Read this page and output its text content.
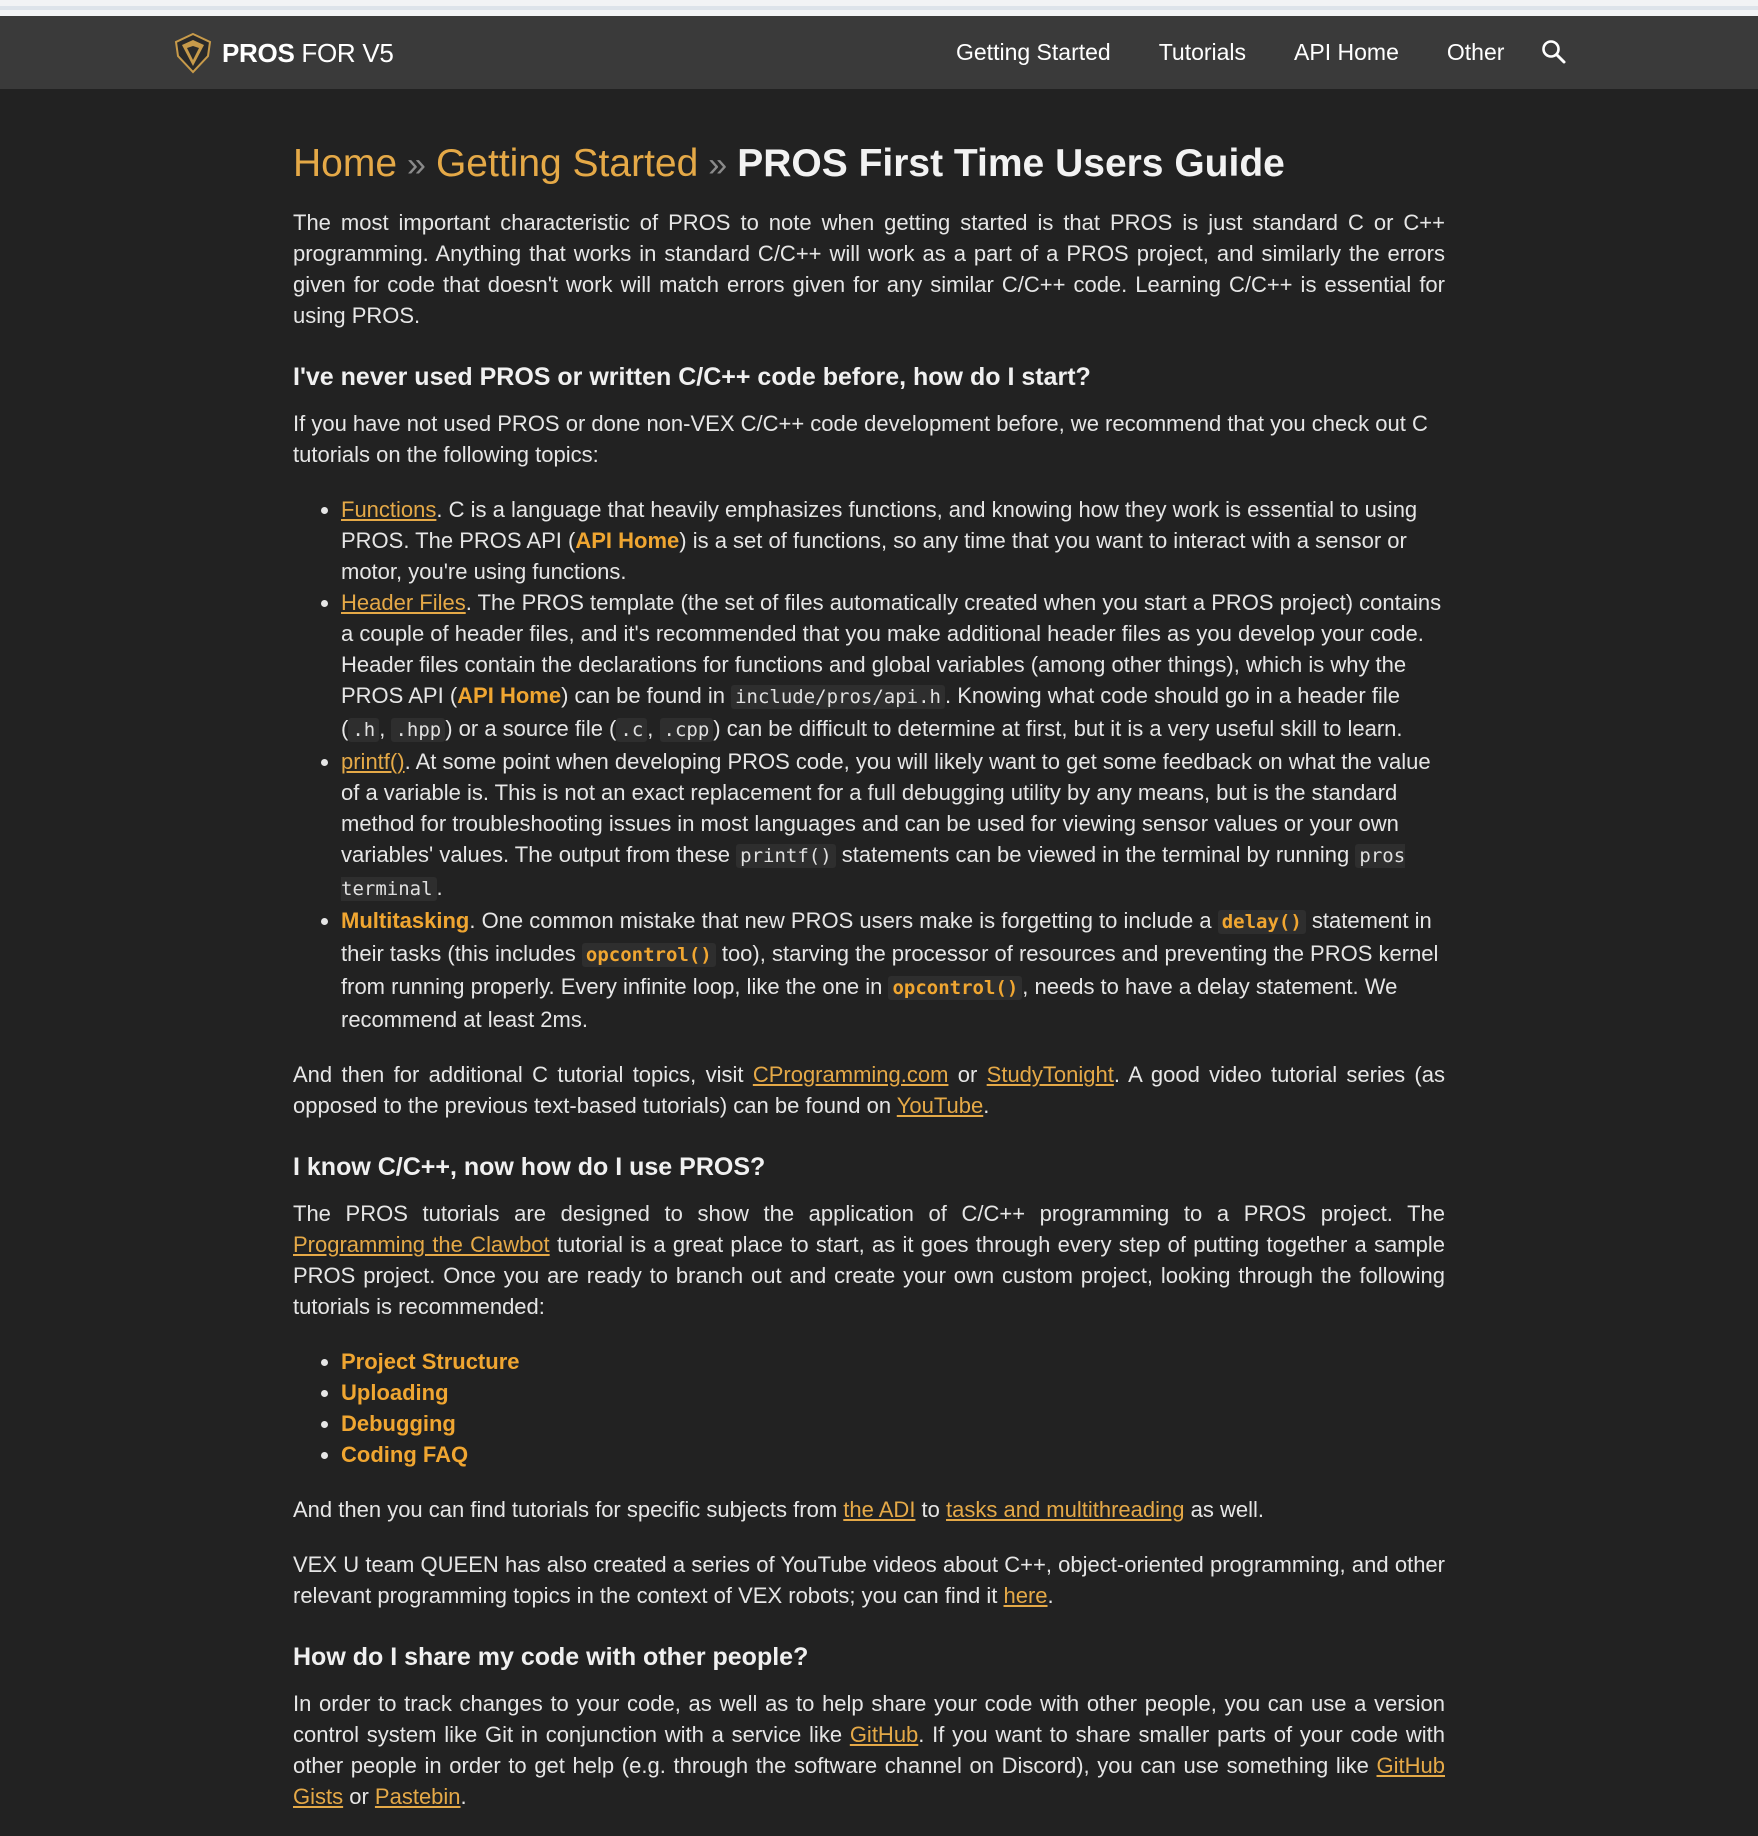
PROS FOR V5	Getting Started Tutorials API Home Other
Home » Getting Started » PROS First Time Users Guide

The most important characteristic of PROS to note when getting started is that PROS is just standard C or C++ programming. Anything that works in standard C/C++ will work as a part of a PROS project, and similarly the errors given for code that doesn't work will match errors given for any similar C/C++ code. Learning C/C++ is essential for using PROS.

I've never used PROS or written C/C++ code before, how do I start?

If you have not used PROS or done non-VEX C/C++ code development before, we recommend that you check out C tutorials on the following topics:

• Functions. C is a language that heavily emphasizes functions, and knowing how they work is essential to using PROS. The PROS API (API Home) is a set of functions, so any time that you want to interact with a sensor or motor, you're using functions.
• Header Files. The PROS template (the set of files automatically created when you start a PROS project) contains a couple of header files, and it's recommended that you make additional header files as you develop your code. Header files contain the declarations for functions and global variables (among other things), which is why the PROS API (API Home) can be found in include/pros/api.h . Knowing what code should go in a header file ( .h , .hpp ) or a source file ( .c , .cpp ) can be difficult to determine at first, but it is a very useful skill to learn.
• printf(). At some point when developing PROS code, you will likely want to get some feedback on what the value of a variable is. This is not an exact replacement for a full debugging utility by any means, but is the standard method for troubleshooting issues in most languages and can be used for viewing sensor values or your own variables' values. The output from these printf() statements can be viewed in the terminal by running pros terminal .
• Multitasking. One common mistake that new PROS users make is forgetting to include a delay() statement in their tasks (this includes opcontrol() too), starving the processor of resources and preventing the PROS kernel from running properly. Every infinite loop, like the one in opcontrol() , needs to have a delay statement. We recommend at least 2ms.

And then for additional C tutorial topics, visit CProgramming.com or StudyTonight. A good video tutorial series (as opposed to the previous text-based tutorials) can be found on YouTube.

I know C/C++, now how do I use PROS?

The PROS tutorials are designed to show the application of C/C++ programming to a PROS project. The Programming the Clawbot tutorial is a great place to start, as it goes through every step of putting together a sample PROS project. Once you are ready to branch out and create your own custom project, looking through the following tutorials is recommended:

• Project Structure
• Uploading
• Debugging
• Coding FAQ

And then you can find tutorials for specific subjects from the ADI to tasks and multithreading as well.

VEX U team QUEEN has also created a series of YouTube videos about C++, object-oriented programming, and other relevant programming topics in the context of VEX robots; you can find it here.

How do I share my code with other people?

In order to track changes to your code, as well as to help share your code with other people, you can use a version control system like Git in conjunction with a service like GitHub. If you want to share smaller parts of your code with other people in order to get help (e.g. through the software channel on Discord), you can use something like GitHub Gists or Pastebin.
